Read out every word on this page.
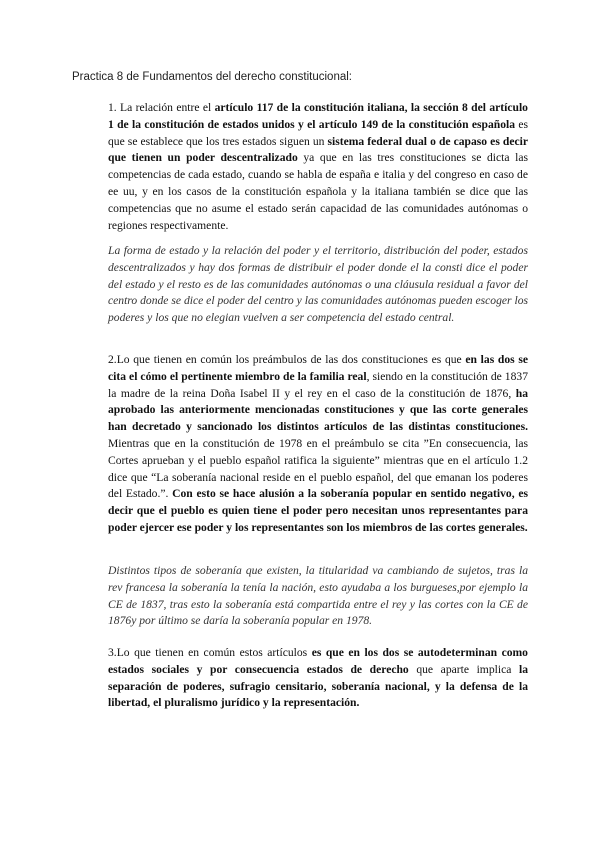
Practica 8 de Fundamentos del derecho constitucional:

1. La relación entre el artículo 117 de la constitución italiana, la sección 8 del artículo 1 de la constitución de estados unidos y el artículo 149 de la constitución española es que se establece que los tres estados siguen un sistema federal dual o de capaso es decir que tienen un poder descentralizado ya que en las tres constituciones se dicta las competencias de cada estado, cuando se habla de españa e italia y del congreso en caso de ee uu, y en los casos de la constitución española y la italiana también se dice que las competencias que no asume el estado serán capacidad de las comunidades autónomas o regiones respectivamente.

La forma de estado y la relación del poder y el territorio, distribución del poder, estados descentralizados y hay dos formas de distribuir el poder donde el la consti dice el poder del estado y el resto es de las comunidades autónomas o una cláusula residual a favor del centro donde se dice el poder del centro y las comunidades autónomas pueden escoger los poderes y los que no elegian vuelven a ser competencia del estado central.

2.Lo que tienen en común los preámbulos de las dos constituciones es que en las dos se cita el cómo el pertinente miembro de la familia real, siendo en la constitución de 1837 la madre de la reina Doña Isabel II y el rey en el caso de la constitución de 1876, ha aprobado las anteriormente mencionadas constituciones y que las corte generales han decretado y sancionado los distintos artículos de las distintas constituciones. Mientras que en la constitución de 1978 en el preámbulo se cita ”En consecuencia, las Cortes aprueban y el pueblo español ratifica la siguiente” mientras que en el artículo 1.2 dice que “La soberanía nacional reside en el pueblo español, del que emanan los poderes del Estado.”. Con esto se hace alusión a la soberanía popular en sentido negativo, es decir que el pueblo es quien tiene el poder pero necesitan unos representantes para poder ejercer ese poder y los representantes son los miembros de las cortes generales.

Distintos tipos de soberanía que existen, la titularidad va cambiando de sujetos, tras la rev francesa la soberanía la tenía la nación, esto ayudaba a los burgueses,por ejemplo la CE de 1837, tras esto la soberanía está compartida entre el rey y las cortes con la CE de 1876y por último se daría la soberanía popular en 1978.

3.Lo que tienen en común estos artículos es que en los dos se autodeterminan como estados sociales y por consecuencia estados de derecho que aparte implica la separación de poderes, sufragio censitario, soberanía nacional, y la defensa de la libertad, el pluralismo jurídico y la representación.
